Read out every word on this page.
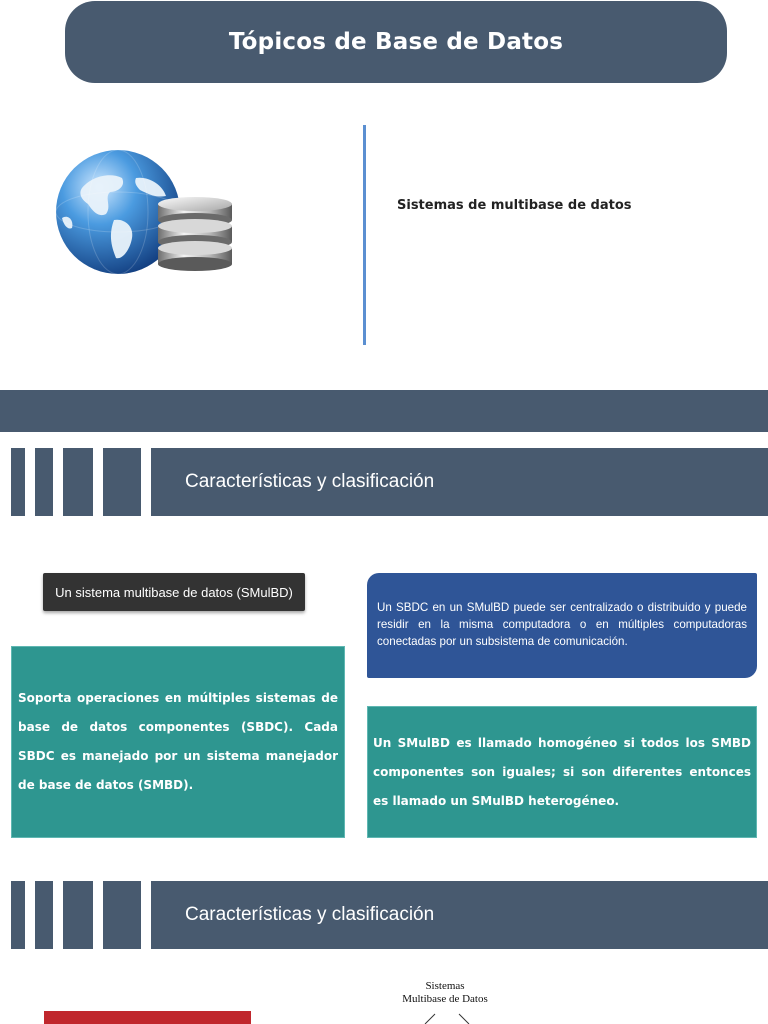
Tópicos de Base de Datos
Sistemas de multibase de datos
Características y clasificación
Un sistema multibase de datos (SMulBD)

Un SBDC en un SMulBD puede ser centralizado o distribuido y puede residir en la misma computadora o en múltiples computadoras conectadas por un subsistema de comunicación.

Soporta operaciones en múltiples sistemas de base de datos componentes (SBDC). Cada SBDC es manejado por un sistema manejador de base de datos (SMBD).

Un SMulBD es llamado homogéneo si todos los SMBD componentes son iguales; si son diferentes entonces es llamado un SMulBD heterogéneo.

Características y clasificación
Sistemas
Multibase de Datos
